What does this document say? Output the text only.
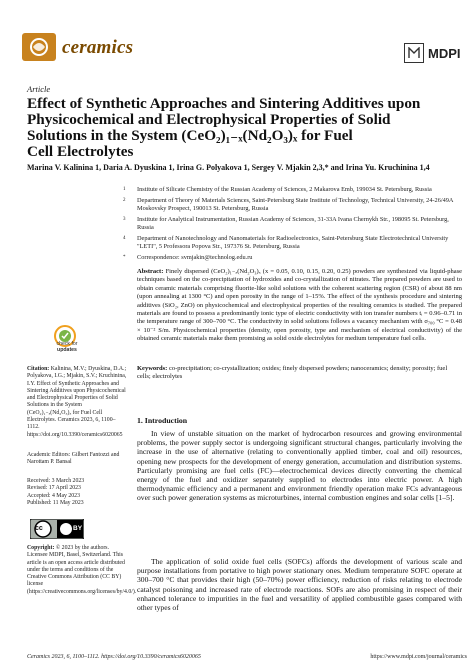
ceramics	MDPI
Article

Effect of Synthetic Approaches and Sintering Additives upon

Physicochemical and Electrophysical Properties of Solid

Solutions in the System (CeO₂)₁₋ₓ(Nd₂O₃)ₓ for Fuel

Cell Electrolytes

Marina V. Kalinina 1, Daria A. Dyuskina 1, Irina G. Polyakova 1, Sergey V. Mjakin 2,3,* and Irina Yu. Kruchinina 1,4
1 Institute of Silicate Chemistry of the Russian Academy of Sciences, 2 Makarova Emb, 199034 St. Petersburg, Russia
2 Department of Theory of Materials Sciences, Saint-Petersburg State Institute of Technology, Technical University, 24-26/49A Moskovsky Prospect, 190013 St. Petersburg, Russia
3 Institute for Analytical Instrumentation, Russian Academy of Sciences, 31-33A Ivana Chernykh Str., 198095 St. Petersburg, Russia
4 Department of Nanotechnology and Nanomaterials for Radioelectronics, Saint-Petersburg State Electrotechnical University "LETI", 5 Professora Popova Str., 197376 St. Petersburg, Russia
* Correspondence: svmjakin@technolog.edu.ru
Abstract: Finely dispersed (CeO₂)₁₋ₓ(Nd₂O₃)ₓ (x = 0.05, 0.10, 0.15, 0.20, 0.25) powders are synthesized via liquid-phase techniques based on the co-precipitation of hydroxides and co-crystallization of nitrates. The prepared powders are used to obtain ceramic materials comprising fluorite-like solid solutions with the coherent scattering region (CSR) of about 88 nm (upon annealing at 1300 °C) and open porosity in the range of 1–15%. The effect of the synthesis procedure and sintering additives (SiO₂, ZnO) on physicochemical and electrophysical properties of the resulting ceramics is studied. The prepared materials are found to possess a predominantly ionic type of electric conductivity with ion transfer numbers tᵢ = 0.96–0.71 in the temperature range of 300–700 °C. The conductivity in solid solutions follows a vacancy mechanism with σ₇₀₀ °C = 0.48 × 10⁻² S/m. Physicochemical properties (density, open porosity, type and mechanism of electrical conductivity) of the obtained ceramic materials make them promising as solid oxide electrolytes for medium temperature fuel cells.
Keywords: co-precipitation; co-crystallization; oxides; finely dispersed powders; nanoceramics; density; porosity; fuel cells; electrolytes
check for
updates
Citation: Kalinina, M.V.; Dyuskina, D.A.; Polyakova, I.G.; Mjakin, S.V.; Kruchinina, I.Y. Effect of Synthetic Approaches and Sintering Additives upon Physicochemical and Electrophysical Properties of Solid Solutions in the System (CeO₂)₁₋ₓ(Nd₂O₃)ₓ for Fuel Cell Electrolytes. Ceramics 2023, 6, 1100–1112. https://doi.org/10.3390/ceramics6020065
Academic Editors: Gilbert Fantozzi and Narottam P. Bansal
Received: 3 March 2023
Revised: 17 April 2023
Accepted: 4 May 2023
Published: 11 May 2023
cc	BY
Copyright: © 2023 by the authors. Licensee MDPI, Basel, Switzerland. This article is an open access article distributed under the terms and conditions of the Creative Commons Attribution (CC BY) license (https://creativecommons.org/licenses/by/4.0/).
1. Introduction
In view of unstable situation on the market of hydrocarbon resources and growing environmental problems, the power supply sector is undergoing significant structural changes, particularly involving the increase in the use of alternative (relating to conventionally applied timber, coal and oil) resources, opening new prospects for the development of energy generation, accumulation and distribution systems. Particularly promising are fuel cells (FC)—electrochemical devices directly converting the chemical energy of the fuel and oxidizer separately supplied to electrodes into electric power. A high thermodynamic efficiency and a permanent and environment friendly operation make FCs advantageous over such power generation systems as microturbines, internal combustion engines and solar cells [1–5].
The application of solid oxide fuel cells (SOFCs) affords the development of various scale and purpose installations from portative to high power stationary ones. Medium temperature SOFC operate at 300–700 °C that provides their high (50–70%) power efficiency, reduction of risks relating to electrode catalyst poisoning and increased rate of electrode reactions. SOFs are also promising in respect of their enhanced tolerance to impurities in the fuel and versatility of applied combustible gases compared with other types of
Ceramics 2023, 6, 1100–1112. https://doi.org/10.3390/ceramics6020065	https://www.mdpi.com/journal/ceramics
